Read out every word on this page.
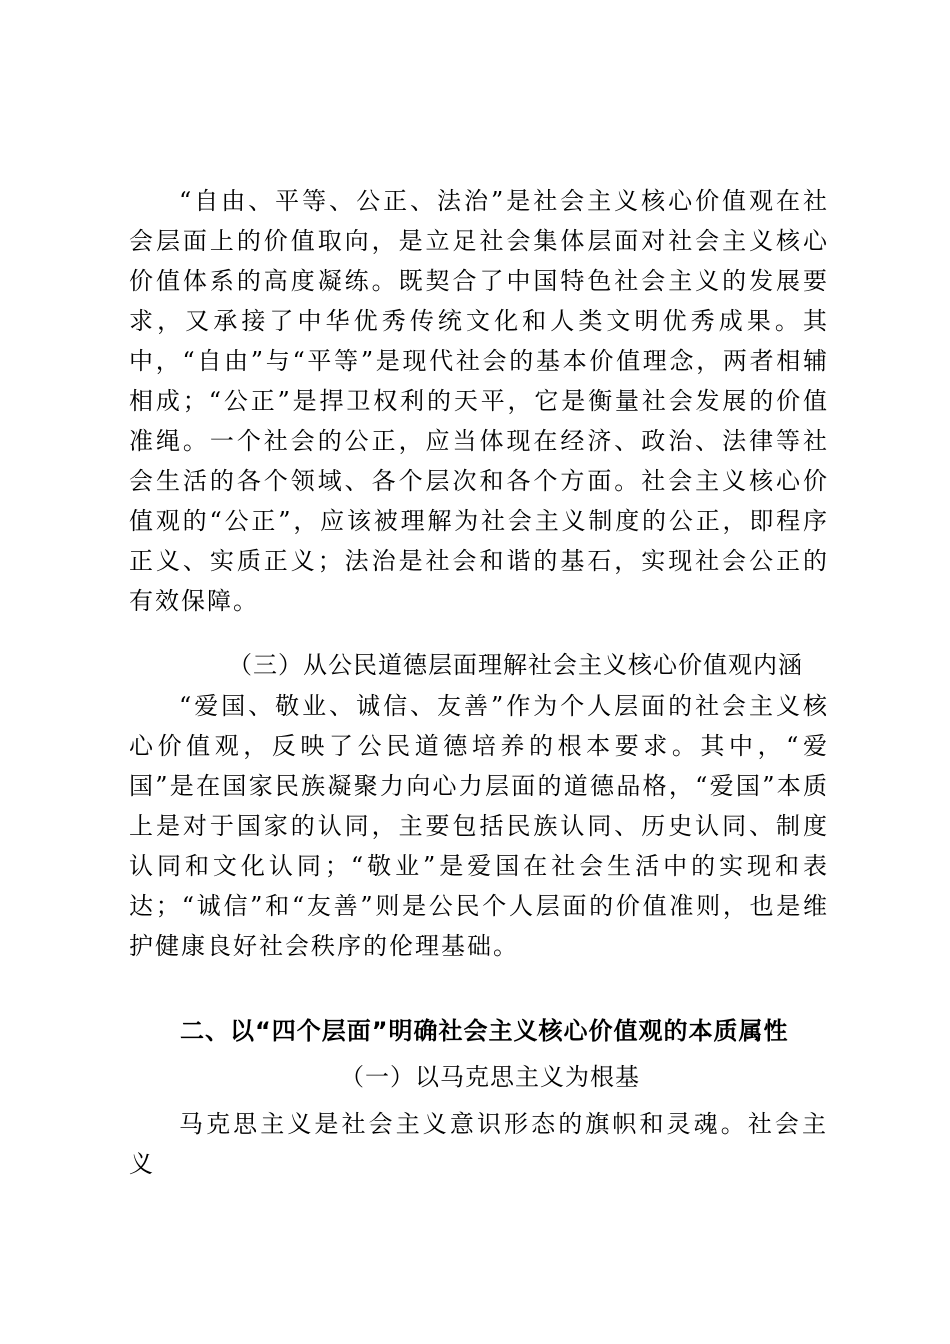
“自由、平等、公正、法治”是社会主义核心价值观在社会层面上的价值取向，是立足社会集体层面对社会主义核心价值体系的高度凝练。既契合了中国特色社会主义的发展要求，又承接了中华优秀传统文化和人类文明优秀成果。其中，“自由”与“平等”是现代社会的基本价值理念，两者相辅相成；“公正”是捍卫权利的天平，它是衡量社会发展的价值准绳。一个社会的公正，应当体现在经济、政治、法律等社会生活的各个领域、各个层次和各个方面。社会主义核心价值观的“公正”，应该被理解为社会主义制度的公正，即程序正义、实质正义；法治是社会和谐的基石，实现社会公正的有效保障。

（三）从公民道德层面理解社会主义核心价值观内涵

“爱国、敬业、诚信、友善”作为个人层面的社会主义核心价值观，反映了公民道德培养的根本要求。其中，“爱国”是在国家民族凝聚力向心力层面的道德品格，“爱国”本质上是对于国家的认同，主要包括民族认同、历史认同、制度认同和文化认同；“敬业”是爱国在社会生活中的实现和表达；“诚信”和“友善”则是公民个人层面的价值准则，也是维护健康良好社会秩序的伦理基础。

二、以“四个层面”明确社会主义核心价值观的本质属性

（一）以马克思主义为根基

马克思主义是社会主义意识形态的旗帜和灵魂。社会主义
